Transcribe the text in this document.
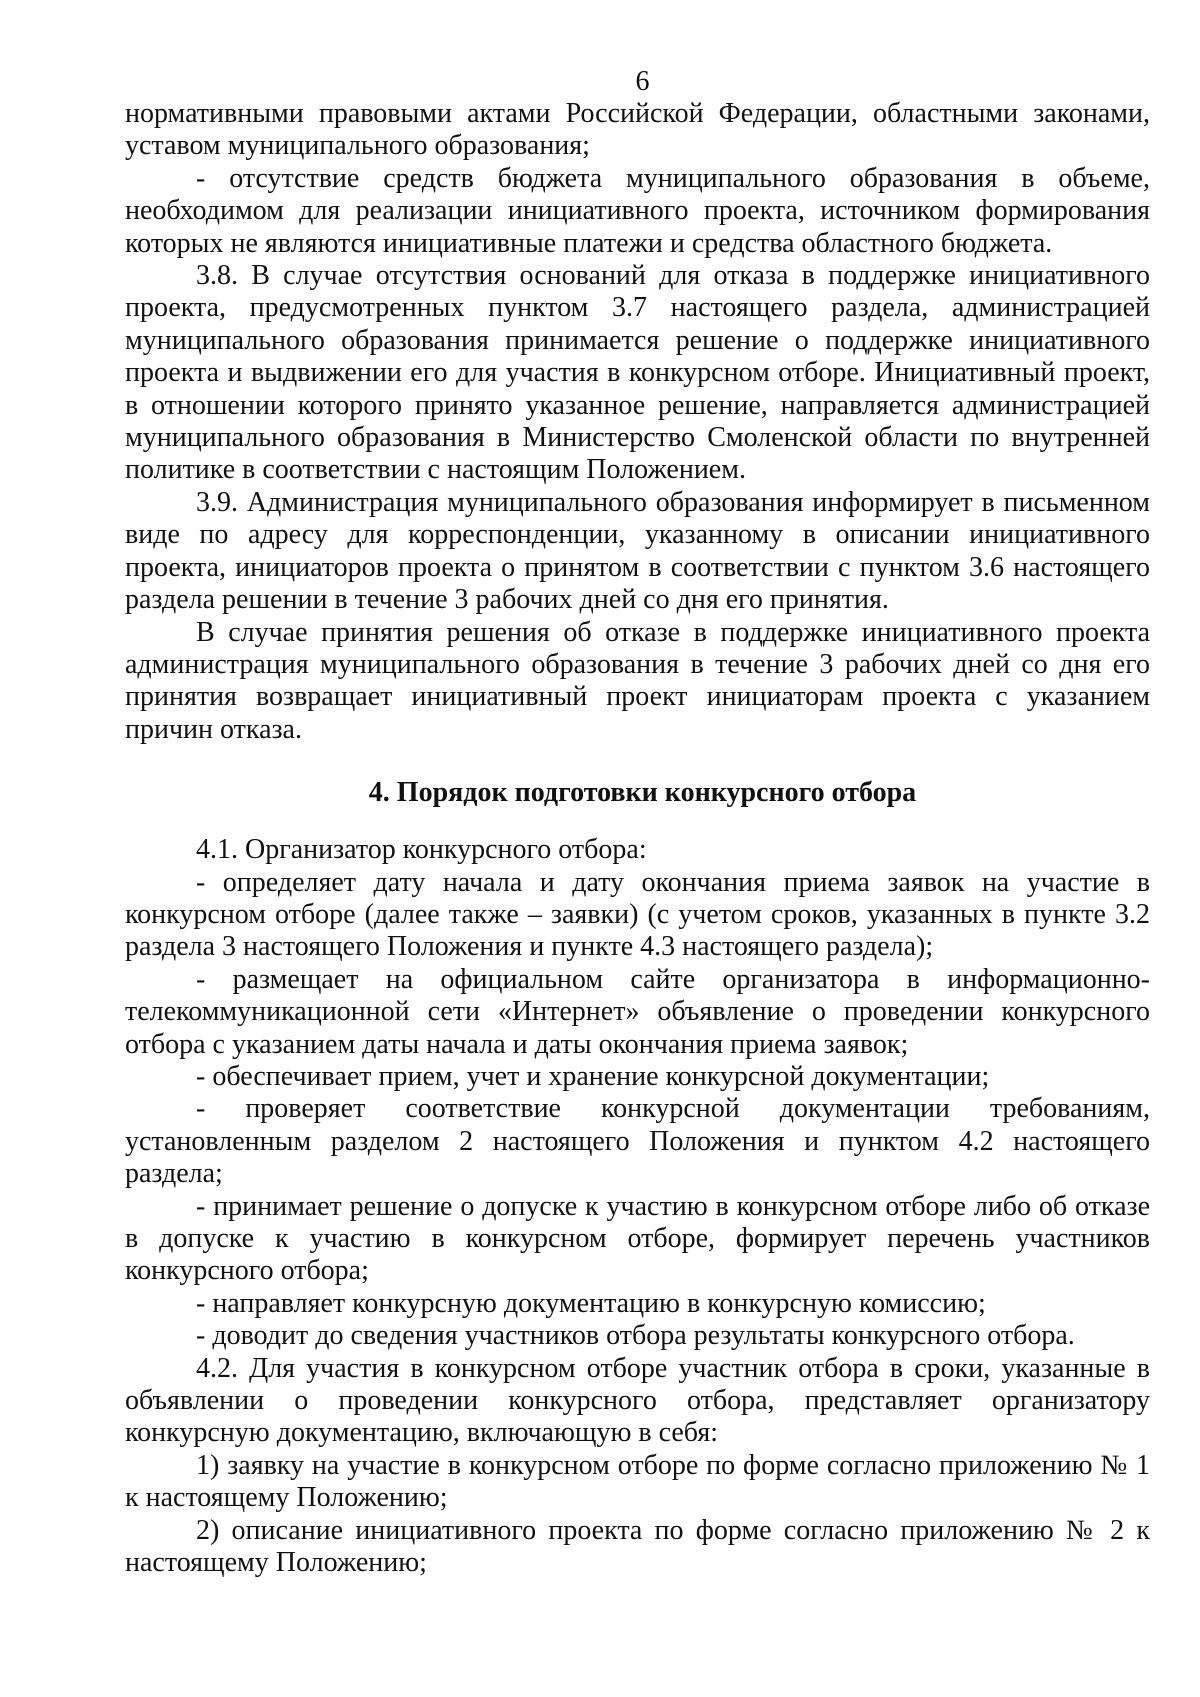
6

нормативными правовыми актами Российской Федерации, областными законами, уставом муниципального образования;

- отсутствие средств бюджета муниципального образования в объеме, необходимом для реализации инициативного проекта, источником формирования которых не являются инициативные платежи и средства областного бюджета.

3.8. В случае отсутствия оснований для отказа в поддержке инициативного проекта, предусмотренных пунктом 3.7 настоящего раздела, администрацией муниципального образования принимается решение о поддержке инициативного проекта и выдвижении его для участия в конкурсном отборе. Инициативный проект, в отношении которого принято указанное решение, направляется администрацией муниципального образования в Министерство Смоленской области по внутренней политике в соответствии с настоящим Положением.

3.9. Администрация муниципального образования информирует в письменном виде по адресу для корреспонденции, указанному в описании инициативного проекта, инициаторов проекта о принятом в соответствии с пунктом 3.6 настоящего раздела решении в течение 3 рабочих дней со дня его принятия.

В случае принятия решения об отказе в поддержке инициативного проекта администрация муниципального образования в течение 3 рабочих дней со дня его принятия возвращает инициативный проект инициаторам проекта с указанием причин отказа.

4. Порядок подготовки конкурсного отбора

4.1. Организатор конкурсного отбора:

- определяет дату начала и дату окончания приема заявок на участие в конкурсном отборе (далее также – заявки) (с учетом сроков, указанных в пункте 3.2 раздела 3 настоящего Положения и пункте 4.3 настоящего раздела);

- размещает на официальном сайте организатора в информационно-телекоммуникационной сети «Интернет» объявление о проведении конкурсного отбора с указанием даты начала и даты окончания приема заявок;

- обеспечивает прием, учет и хранение конкурсной документации;

- проверяет соответствие конкурсной документации требованиям, установленным разделом 2 настоящего Положения и пунктом 4.2 настоящего раздела;

- принимает решение о допуске к участию в конкурсном отборе либо об отказе в допуске к участию в конкурсном отборе, формирует перечень участников конкурсного отбора;

- направляет конкурсную документацию в конкурсную комиссию;

- доводит до сведения участников отбора результаты конкурсного отбора.

4.2. Для участия в конкурсном отборе участник отбора в сроки, указанные в объявлении о проведении конкурсного отбора, представляет организатору конкурсную документацию, включающую в себя:

1) заявку на участие в конкурсном отборе по форме согласно приложению № 1 к настоящему Положению;

2) описание инициативного проекта по форме согласно приложению № 2 к настоящему Положению;
